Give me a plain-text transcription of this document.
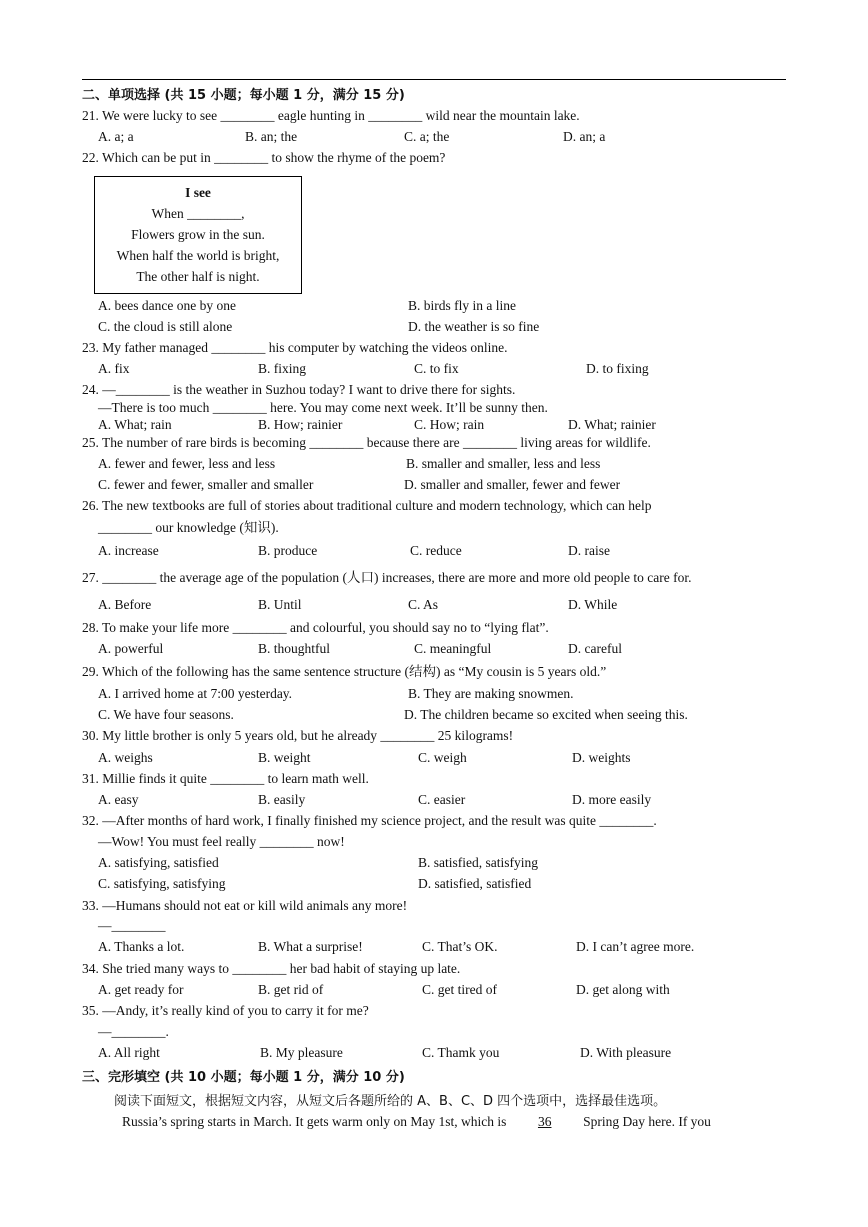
二、单项选择 (共 15 小题；每小题 1 分，满分 15 分)
21. We were lucky to see ________ eagle hunting in ________ wild near the mountain lake.
A. a; a	B. an; the	C. a; the	D. an; a
22. Which can be put in ________ to show the rhyme of the poem?
I see
When ________,
Flowers grow in the sun.
When half the world is bright,
The other half is night.
A. bees dance one by one	B. birds fly in a line
C. the cloud is still alone	D. the weather is so fine
23. My father managed ________ his computer by watching the videos online.
A. fix	B. fixing	C. to fix	D. to fixing
24. —________ is the weather in Suzhou today? I want to drive there for sights.
—There is too much ________ here. You may come next week. It’ll be sunny then.
A. What; rain	B. How; rainier	C. How; rain	D. What; rainier
25. The number of rare birds is becoming ________ because there are ________ living areas for wildlife.
A. fewer and fewer, less and less	B. smaller and smaller, less and less
C. fewer and fewer, smaller and smaller	D. smaller and smaller, fewer and fewer
26. The new textbooks are full of stories about traditional culture and modern technology, which can help
________ our knowledge (知识).
A. increase	B. produce	C. reduce	D. raise
27. ________ the average age of the population (人口) increases, there are more and more old people to care for.
A. Before	B. Until	C. As	D. While
28. To make your life more ________ and colourful, you should say no to “lying flat”.
A. powerful	B. thoughtful	C. meaningful	D. careful
29. Which of the following has the same sentence structure (结构) as “My cousin is 5 years old.”
A. I arrived home at 7:00 yesterday.	B. They are making snowmen.
C. We have four seasons.	D. The children became so excited when seeing this.
30. My little brother is only 5 years old, but he already ________ 25 kilograms!
A. weighs	B. weight	C. weigh	D. weights
31. Millie finds it quite ________ to learn math well.
A. easy	B. easily	C. easier	D. more easily
32. —After months of hard work, I finally finished my science project, and the result was quite ________.
—Wow! You must feel really ________ now!
A. satisfying, satisfied	B. satisfied, satisfying
C. satisfying, satisfying	D. satisfied, satisfied
33. —Humans should not eat or kill wild animals any more!
—________
A. Thanks a lot.	B. What a surprise!	C. That’s OK.	D. I can’t agree more.
34. She tried many ways to ________ her bad habit of staying up late.
A. get ready for	B. get rid of	C. get tired of	D. get along with
35. —Andy, it’s really kind of you to carry it for me?
—________.
A. All right	B. My pleasure	C. Thamk you	D. With pleasure
三、完形填空 (共 10 小题；每小题 1 分，满分 10 分)
阅读下面短文，根据短文内容，从短文后各题所给的 A、B、C、D 四个选项中，选择最佳选项。
Russia’s spring starts in March. It gets warm only on May 1st, which is 36 Spring Day here. If you
